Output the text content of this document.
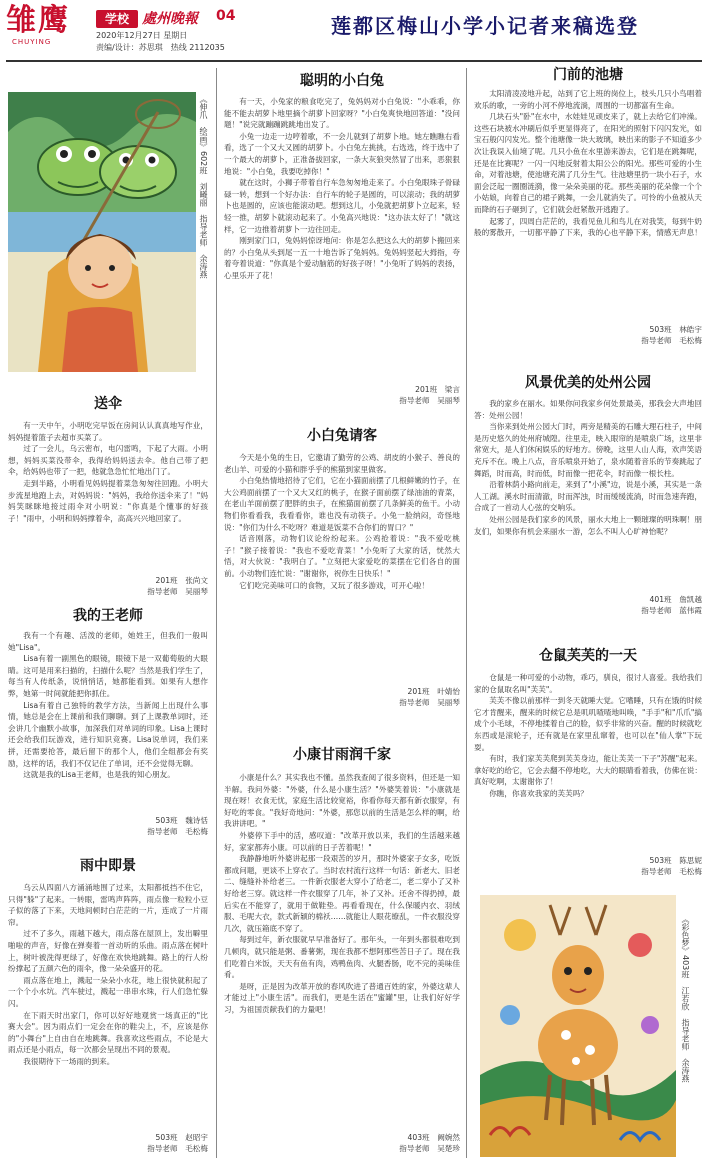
雏鹰
CHUYING
学校 處州晚報 04
2020年12月27日 星期日
责编/设计：苏思琪　热线 2112035
莲都区梅山小学小记者来稿选登
《伸爪　绘画》602班　刘曦丽　指导老师　余涛燕
送伞

有一天中午，小明吃完早饭在房间认认真真地写作业，妈妈提着篮子去超市买菜了。

过了一会儿，乌云密布，电闪雷鸣，下起了大雨。小明想，妈妈买菜没带伞，我得给妈妈送去伞。他自己带了把伞，给妈妈也带了一把，他就急急忙忙地出门了。

走到半路，小明看见妈妈提着菜急匆匆往回跑。小明大步流星地跑上去，对妈妈说："妈妈，我给你送伞来了！"妈妈笑眯眯地接过雨伞对小明说："你真是个懂事的好孩子！"雨中，小明和妈妈撑着伞，高高兴兴地回家了。

201班　张尚文
指导老师　吴丽琴
我的王老师

我有一个有趣、活泼的老师，她姓王，但我们一般叫她"Lisa"。

Lisa有着一副黑色的眼镜，眼镜下是一双葡萄般的大眼睛。这可是用来扫描的，扫描什么呢？当然是我们学生了，每当有人传纸条，说悄悄话，她都能看到。如果有人想作弊，她第一时间就能把你抓住。

Lisa有着自己独特的教学方法，当新闻上出现什么事情，她总是会在上课前和我们聊聊。到了上课教单词时，还会讲几个幽默小故事，加深我们对单词的印象。Lisa上课时还会给我们玩游戏，进行知识竞赛。Lisa说单词，我们来拼，还需要抢答，最后留下的那个人，他们全组都会有奖励，这样的话，我们不仅记住了单词，还不会觉得无聊。

这就是我的Lisa王老师，也是我的知心朋友。

503班　魏诗恬
指导老师　毛松梅
雨中即景

乌云从四面八方涌涌地围了过来，太阳都抵挡不住它，只得"躲"了起来。一转眼，雷鸣声阵阵，雨点像一粒粒小豆子似的落了下来，天地间顿时白茫茫的一片，连成了一片雨帘。

过不了多久，雨越下越大，雨点落在屋顶上，发出噼里啪啦的声音，好像在弹奏着一首动听的乐曲。雨点落在树叶上，树叶被洗得更绿了，好像在欢快地跳舞。路上的行人纷纷撑起了五颜六色的雨伞，像一朵朵盛开的花。

雨点落在地上，溅起一朵朵小水花，地上很快就积起了一个个小水坑。汽车驶过，溅起一串串水珠，行人们急忙躲闪。

在下雨天时出家门，你可以好好地观赏一场真正的"比赛大会"。因为雨点们一定会在你的鞋尖上，不，应该是你的"小舞台"上自由自在地跳舞。我喜欢这些雨点，不论是大雨点还是小雨点，每一次都会呈现出不同的景观。

我很期待下一场雨的到来。

503班　赵昭宇
指导老师　毛松梅
聪明的小白兔

有一天，小兔家的粮食吃完了，兔妈妈对小白兔说："小乖乖，你能不能去胡萝卜地里摘个胡萝卜回家呀？"小白兔爽快地回答道："没问题！"说完就蹦蹦跳跳地出发了。

小兔一边走一边哼着歌，不一会儿就到了胡萝卜地。她左瞧瞧右看看，选了一个又大又圆的胡萝卜。小白兔左挑挑，右选选，终于选中了一个最大的胡萝卜，正准备拔回家，一条大灰狼突然冒了出来，恶狠狠地说："小白兔，我要吃掉你！"

就在这时，小狮子带着自行车急匆匆地走来了。小白兔眼珠子骨碌碌一转，想到一个好办法：自行车的轮子是圆的，可以滚动；我的胡萝卜也是圆的，应该也能滚动吧。想到这儿，小兔就把胡萝卜立起来，轻轻一推，胡萝卜就滚动起来了。小兔高兴地说："这办法太好了！"就这样，它一边推着胡萝卜一边往回走。

刚到家门口，兔妈妈惊讶地问：你是怎么把这么大的胡萝卜搬回来的？小白兔从头到尾一五一十地告诉了兔妈妈。兔妈妈竖起大拇指，夸着夸着说道："你真是个爱动脑筋的好孩子呀！"小兔听了妈妈的表扬，心里乐开了花！

201班　梁言
指导老师　吴丽琴
小白兔请客

今天是小兔的生日，它邀请了勤劳的公鸡、胡皮的小猴子、善良的老山羊、可爱的小猫和胖乎乎的熊猫到家里做客。

小白兔热情地招待了它们，它在小猫面前摆了几根鲜嫩的竹子，在大公鸡面前摆了一个又大又红的桃子，在猴子面前摆了绿油油的青菜，在老山羊面前摆了肥胖的虫子，在熊猫面前摆了几条鲜美的鱼干。小动物们你看看我，我看看你，谁也没有动筷子。小兔一脸纳闷，奇怪地说："你们为什么不吃呀？难道是饭菜不合你们的胃口？"

话音刚落，动物们议论纷纷起来。公鸡抢着说："我不爱吃桃子！"猴子接着说："我也不爱吃青菜！"小兔听了大家的话，恍然大悟，对大伙说："我明白了。"立刻把大家爱吃的菜摆在它们各自的面前。小动物们连忙说："谢谢你，祝你生日快乐！"

它们吃完美味可口的食物，又玩了很多游戏，可开心啦！

201班　叶婧怡
指导老师　吴丽琴
小康甘雨润千家

小康是什么？其实我也不懂。虽然我查阅了很多资料，但还是一知半解。我问外婆："外婆，什么是小康生活？"外婆笑着说："小康就是现在呀！衣食无忧，家庭生活比较宽裕，你看你每天都有新衣服穿，有好吃的零食。"我好奇地问："外婆，那您以前的生活是怎么样的啊，给我讲讲吧。"

外婆停下手中的活，感叹道："改革开放以来，我们的生活越来越好，家家都奔小康。可以前的日子苦着呢！"

我静静地听外婆讲起那一段艰苦的岁月，那时外婆家子女多，吃饭都成问题，更谈不上穿衣了。当时农村流行这样一句话：新老大、旧老二、缝缝补补给老三。一件新衣服老大穿小了给老二，老二穿小了又补好给老三穿。就这样一件衣服穿了几年，补了又补。还舍不得扔掉，最后实在不能穿了，就用于做鞋垫。再看看现在，什么保暖内衣、羽绒服、毛呢大衣，款式新颖的棉袄……就能让人眼花缭乱，一件衣服没穿几次，就压箱底不穿了。

每到过年，新衣服就早早准备好了。那年头，一年到头都很难吃到几顿肉，就只能是粥、番薯粥，现在我都不想阿那些苦日子了。现在我们吃着白米饭，天天有鱼有肉，鸡鸭鱼肉、火腿香肠，吃不完的美味佳肴。

是呀，正是因为改革开放的春风吹进了普通百姓的家，外婆这辈人才能过上"小康生活"。而我们，更是生活在"蜜罐"里，让我们好好学习，为祖国贡献我们的力量吧！

403班　阙婉然
指导老师　吴楚珍
门前的池塘

太阳清凌凌地升起，站到了它上班的岗位上，枝头几只小鸟唱着欢乐的歌，一旁的小河不停地流淌，周围的一切都富有生命。

几块石头"卧"在水中，水娃娃见顽皮来了，就上去给它们冲澡。这些石块被水冲刷后似乎更显得亮了，在阳光的照射下闪闪发光，如宝石般闪闪发光。整个池塘像一块大玻璃，映出来的影子不知道多少次让我误入仙境了呢。几只小鱼在水里游来游去，它们是在跳舞呢，还是在比赛呢？一闪一闪地反射着太阳公公的阳光。那些可爱的小生命，对着池塘，使池塘充满了几分生气。往池塘里扔一块小石子，水面会泛起一圈圈涟漪，像一朵朵美丽的花。那些美丽的花朵像一个个小姑娘，向着自己的裙子跳舞，一会儿就消失了。可怜的小鱼被从天而降的石子砸到了，它们就会赶紧散开逃跑了。

起雾了，四周白茫茫的，我看见鱼儿和鸟儿在对我笑，每到牛奶般的雾散开，一切都平静了下来，我的心也平静下来，情感无声息！

503班　林皓宇
指导老师　毛松梅
风景优美的处州公园

我的家乡在丽水。如果你问我家乡何处景最美，那我会大声地回答：处州公园！

当你来到处州公园大门时，两旁是精美的石雕大理石柱子，中间是历史悠久的处州府城隍。往里走，映入眼帘的是喷泉广场，这里非常宽大，是人们休闲娱乐的好地方。傍晚，这里人山人海，欢声笑语充斥不在。晚上八点，音乐喷泉开始了，泉水随着音乐的节奏跳起了舞蹈，时而高，时而低，时而像一把花伞，时而像一根长柱。

沿着林荫小路向前走，来到了"小溪"边，说是小溪，其实是一条人工湖。溪水时而清澈，时而浑浊，时而缓缓流淌，时而急速奔跑，合成了一首动人心弦的交响乐。

处州公园是我们家乡的风景，丽水大地上一颗璀璨的明珠啊！朋友们，如果你有机会来丽水一游，怎么不叫人心旷神怡呢？

401班　詹凯越
指导老师　蓝伟霞
仓鼠芙芙的一天

仓鼠是一种可爱的小动物，乖巧，驯良，很讨人喜爱。我给我们家的仓鼠取名叫"芙芙"。

芙芙不像以前那样一到冬天就睡大觉。它嗜睡，只有在饿的时候它才肯醒来，醒来的时候它总是叽叽喳喳地叫唤，"手手"和"爪爪"搞成个小毛球，不停地揉着自己的脸，似乎非常的兴奋。醒的时候就吃东西或是滚轮子，还有就是在家里乱窜着，也可以在"仙人掌"下玩耍。

有时，我们家芙芙爬到芙芙身边，能让芙芙一下子"苏醒"起来。拿好吃的给它，它会去翻不停地吃，大大的眼睛看着我，仿佛在说：真好吃啊，太谢谢你了！

你瞧，你喜欢我家的芙芙吗？

503班　陈思妮
指导老师　毛松梅
《彩色梦》403班　江若欣　指导老师　余涛燕
